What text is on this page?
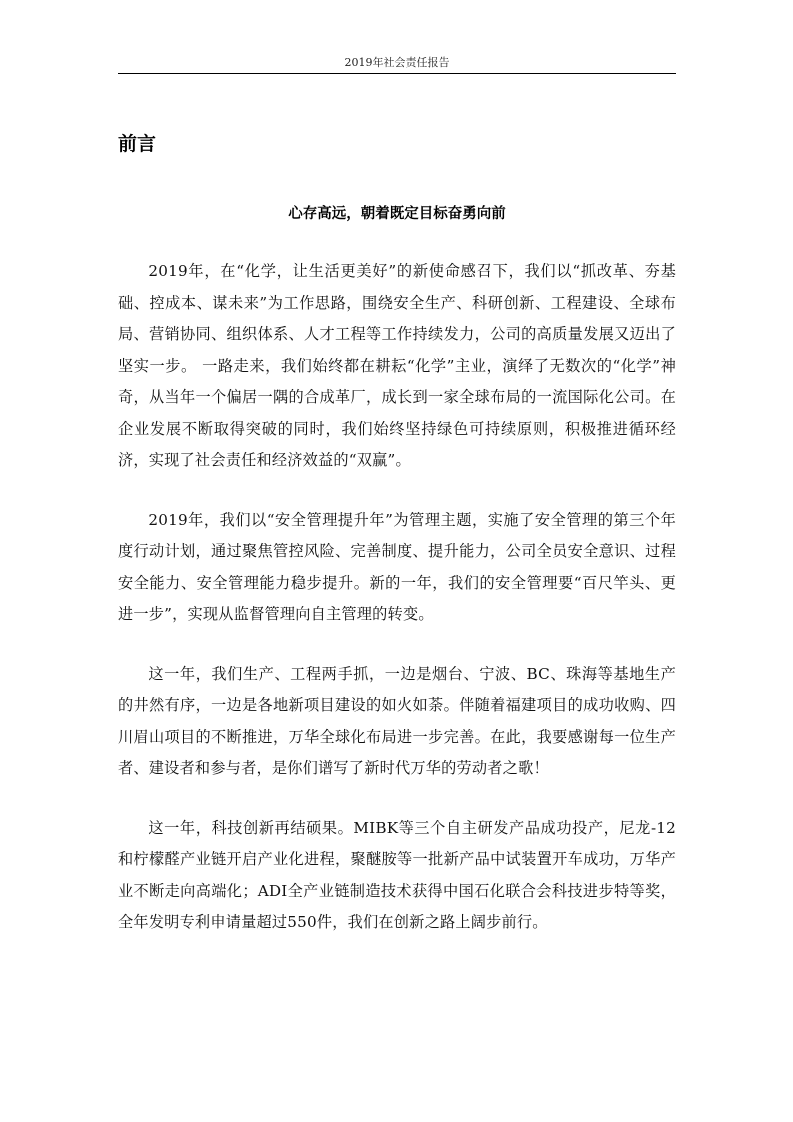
2019年社会责任报告
前言
心存高远，朝着既定目标奋勇向前

2019年，在“化学，让生活更美好”的新使命感召下，我们以“抓改革、夯基础、控成本、谋未来”为工作思路，围绕安全生产、科研创新、工程建设、全球布局、营销协同、组织体系、人才工程等工作持续发力，公司的高质量发展又迈出了坚实一步。 一路走来，我们始终都在耕耘“化学”主业，演绎了无数次的“化学”神奇，从当年一个偏居一隅的合成革厂，成长到一家全球布局的一流国际化公司。在企业发展不断取得突破的同时，我们始终坚持绿色可持续原则，积极推进循环经济，实现了社会责任和经济效益的“双赢”。

2019年，我们以“安全管理提升年”为管理主题，实施了安全管理的第三个年度行动计划，通过聚焦管控风险、完善制度、提升能力，公司全员安全意识、过程安全能力、安全管理能力稳步提升。新的一年，我们的安全管理要“百尺竿头、更进一步”，实现从监督管理向自主管理的转变。

这一年，我们生产、工程两手抓，一边是烟台、宁波、BC、珠海等基地生产的井然有序，一边是各地新项目建设的如火如荼。伴随着福建项目的成功收购、四川眉山项目的不断推进，万华全球化布局进一步完善。在此，我要感谢每一位生产者、建设者和参与者，是你们谱写了新时代万华的劳动者之歌！

这一年，科技创新再结硕果。MIBK等三个自主研发产品成功投产，尼龙-12和柠檬醛产业链开启产业化进程，聚醚胺等一批新产品中试装置开车成功，万华产业不断走向高端化；ADI全产业链制造技术获得中国石化联合会科技进步特等奖，全年发明专利申请量超过550件，我们在创新之路上阔步前行。
